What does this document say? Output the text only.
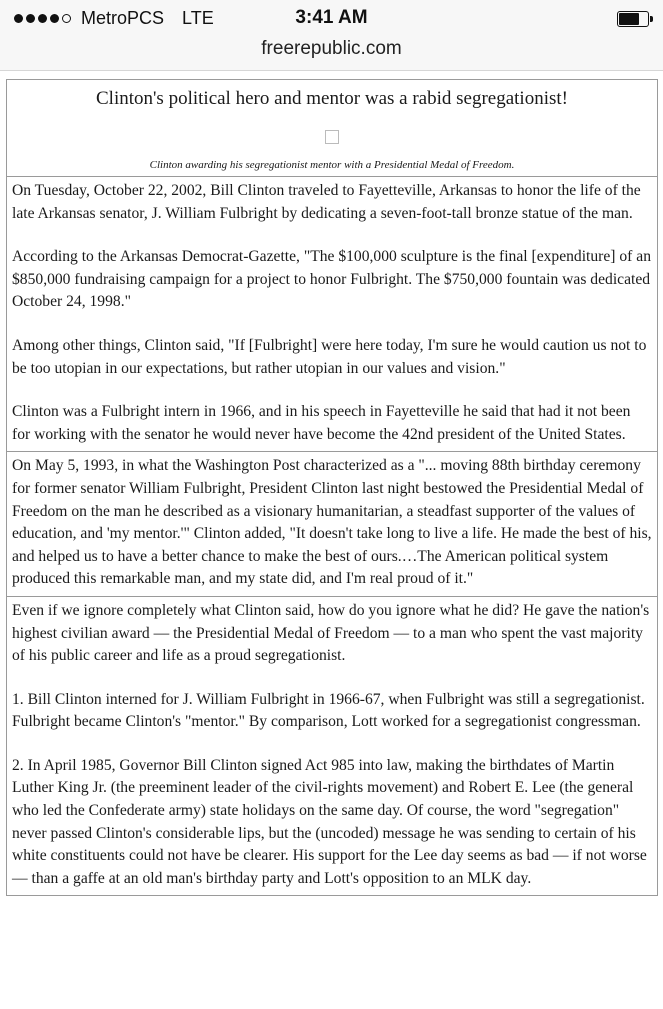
MetroPCS LTE	3:41 AM
freerepublic.com
Clinton's political hero and mentor was a rabid segregationist!
Clinton awarding his segregationist mentor with a Presidential Medal of Freedom.

On Tuesday, October 22, 2002, Bill Clinton traveled to Fayetteville, Arkansas to honor the life of the late Arkansas senator, J. William Fulbright by dedicating a seven-foot-tall bronze statue of the man.

According to the Arkansas Democrat-Gazette, "The $100,000 sculpture is the final [expenditure] of an $850,000 fundraising campaign for a project to honor Fulbright. The $750,000 fountain was dedicated October 24, 1998."

Among other things, Clinton said, "If [Fulbright] were here today, I'm sure he would caution us not to be too utopian in our expectations, but rather utopian in our values and vision."

Clinton was a Fulbright intern in 1966, and in his speech in Fayetteville he said that had it not been for working with the senator he would never have become the 42nd president of the United States.

On May 5, 1993, in what the Washington Post characterized as a "... moving 88th birthday ceremony for former senator William Fulbright, President Clinton last night bestowed the Presidential Medal of Freedom on the man he described as a visionary humanitarian, a steadfast supporter of the values of education, and 'my mentor.'" Clinton added, "It doesn't take long to live a life. He made the best of his, and helped us to have a better chance to make the best of ours.…The American political system produced this remarkable man, and my state did, and I'm real proud of it."

Even if we ignore completely what Clinton said, how do you ignore what he did? He gave the nation's highest civilian award — the Presidential Medal of Freedom — to a man who spent the vast majority of his public career and life as a proud segregationist.

1. Bill Clinton interned for J. William Fulbright in 1966-67, when Fulbright was still a segregationist. Fulbright became Clinton's "mentor." By comparison, Lott worked for a segregationist congressman.

2. In April 1985, Governor Bill Clinton signed Act 985 into law, making the birthdates of Martin Luther King Jr. (the preeminent leader of the civil-rights movement) and Robert E. Lee (the general who led the Confederate army) state holidays on the same day. Of course, the word "segregation" never passed Clinton's considerable lips, but the (uncoded) message he was sending to certain of his white constituents could not have be clearer. His support for the Lee day seems as bad — if not worse — than a gaffe at an old man's birthday party and Lott's opposition to an MLK day.
